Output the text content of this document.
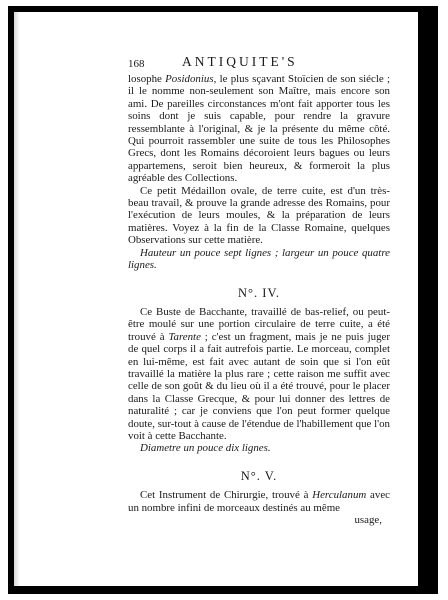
168	ANTIQUITE'S

losophe Posidonius, le plus sçavant Stoïcien de son siécle ; il le nomme non-seulement son Maître, mais encore son ami. De pareilles circonstances m'ont fait apporter tous les soins dont je suis capable, pour rendre la gravure ressemblante à l'original, & je la présente du même côté. Qui pourroit rassembler une suite de tous les Philosophes Grecs, dont les Romains décoroient leurs bagues ou leurs appartemens, seroit bien heureux, & formeroit la plus agréable des Collections.

Ce petit Médaillon ovale, de terre cuite, est d'un très-beau travail, & prouve la grande adresse des Romains, pour l'exécution de leurs moules, & la préparation de leurs matières. Voyez à la fin de la Classe Romaine, quelques Observations sur cette matière.

Hauteur un pouce sept lignes ; largeur un pouce quatre lignes.

N°. IV.

Ce Buste de Bacchante, travaillé de bas-relief, ou peut-être moulé sur une portion circulaire de terre cuite, a été trouvé à Tarente ; c'est un fragment, mais je ne puis juger de quel corps il a fait autrefois partie. Le morceau, complet en lui-même, est fait avec autant de soin que si l'on eût travaillé la matière la plus rare ; cette raison me suffit avec celle de son goût & du lieu où il a été trouvé, pour le placer dans la Classe Grecque, & pour lui donner des lettres de naturalité ; car je conviens que l'on peut former quelque doute, sur-tout à cause de l'étendue de l'habillement que l'on voit à cette Bacchante.

Diametre un pouce dix lignes.

N°. V.

Cet Instrument de Chirurgie, trouvé à Herculanum avec un nombre infini de morceaux destinés au même

usage,
